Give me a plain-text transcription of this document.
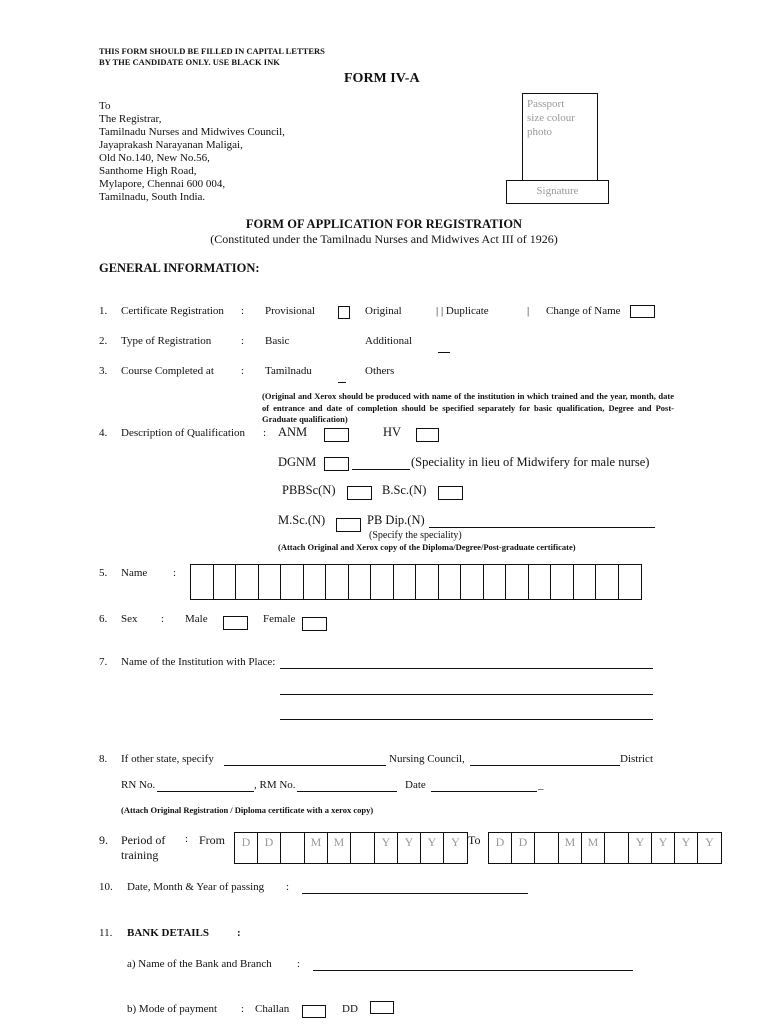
THIS FORM SHOULD BE FILLED IN CAPITAL LETTERS
BY THE CANDIDATE ONLY. USE BLACK INK
FORM IV-A
To
The Registrar,
Tamilnadu Nurses and Midwives Council,
Jayaprakash Narayanan Maligai,
Old No.140, New No.56,
Santhome High Road,
Mylapore, Chennai 600 004,
Tamilnadu, South India.
Passport
size colour
photo
Signature
FORM OF APPLICATION FOR REGISTRATION
(Constituted under the Tamilnadu Nurses and Midwives Act III of 1926)
GENERAL INFORMATION:
1. Certificate Registration : Provisional	Original	| | Duplicate	| Change of Name
2. Type of Registration	: Basic	Additional
3. Course Completed at : Tamilnadu	Others
(Original and Xerox should be produced with name of the institution in which trained and the year, month, date of entrance and date of completion should be specified separately for basic qualification, Degree and Post-Graduate qualification)
4. Description of Qualification : ANM	HV
DGNM	(Speciality in lieu of Midwifery for male nurse)
PBBSc(N)	B.Sc.(N)
M.Sc.(N)	PB Dip.(N)
(Specify the speciality)
(Attach Original and Xerox copy of the Diploma/Degree/Post-graduate certificate)
5. Name :
6. Sex : Male	Female
7. Name of the Institution with Place:
8. If other state, specify	Nursing Council,	District
RN No.	, RM No.	Date	_
(Attach Original Registration / Diploma certificate with a xerox copy)
9. Period of
training
: From	D	D	M	M	Y	Y	Y	Y To	D	D	M	M	Y	Y	Y	Y
10. Date, Month & Year of passing :
11. BANK DETAILS	:
a) Name of the Bank and Branch :
b) Mode of payment : Challan	DD
